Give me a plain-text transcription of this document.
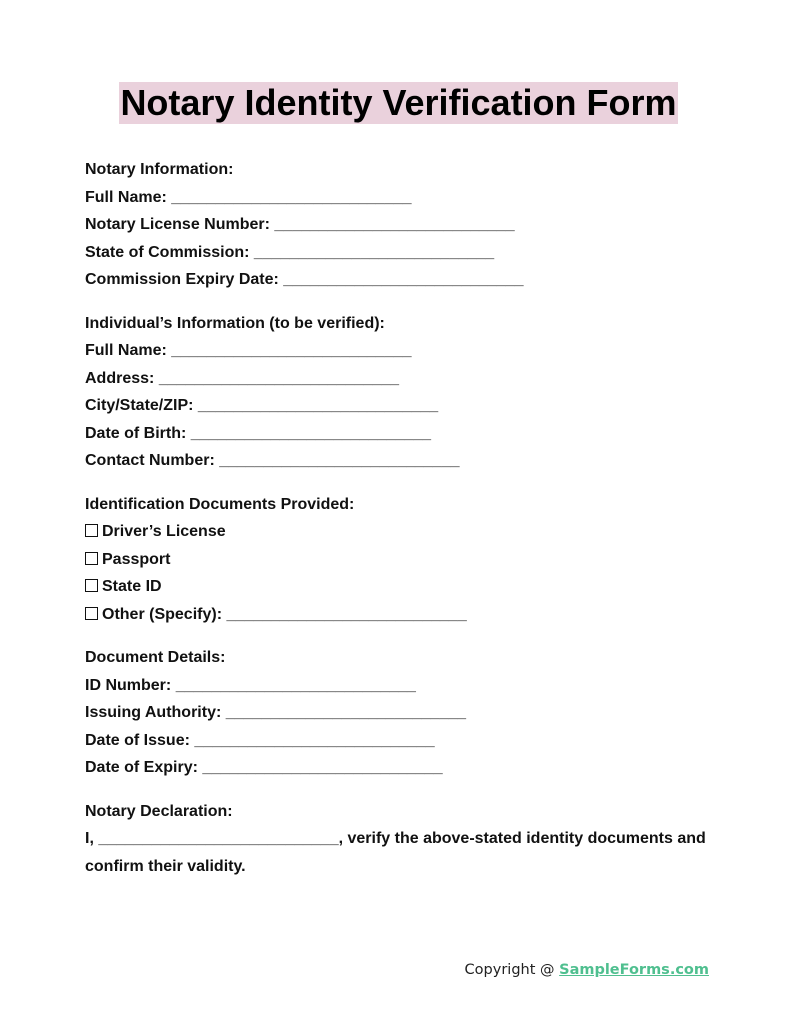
Notary Identity Verification Form
Notary Information:
Full Name: ___________________________
Notary License Number: ___________________________
State of Commission: ___________________________
Commission Expiry Date: ___________________________
Individual’s Information (to be verified):
Full Name: ___________________________
Address: ___________________________
City/State/ZIP: ___________________________
Date of Birth: ___________________________
Contact Number: ___________________________
Identification Documents Provided:
Driver’s License
Passport
State ID
Other (Specify): ___________________________
Document Details:
ID Number: ___________________________
Issuing Authority: ___________________________
Date of Issue: ___________________________
Date of Expiry: ___________________________
Notary Declaration:
I, ___________________________, verify the above-stated identity documents and confirm their validity.
Copyright @ SampleForms.com
